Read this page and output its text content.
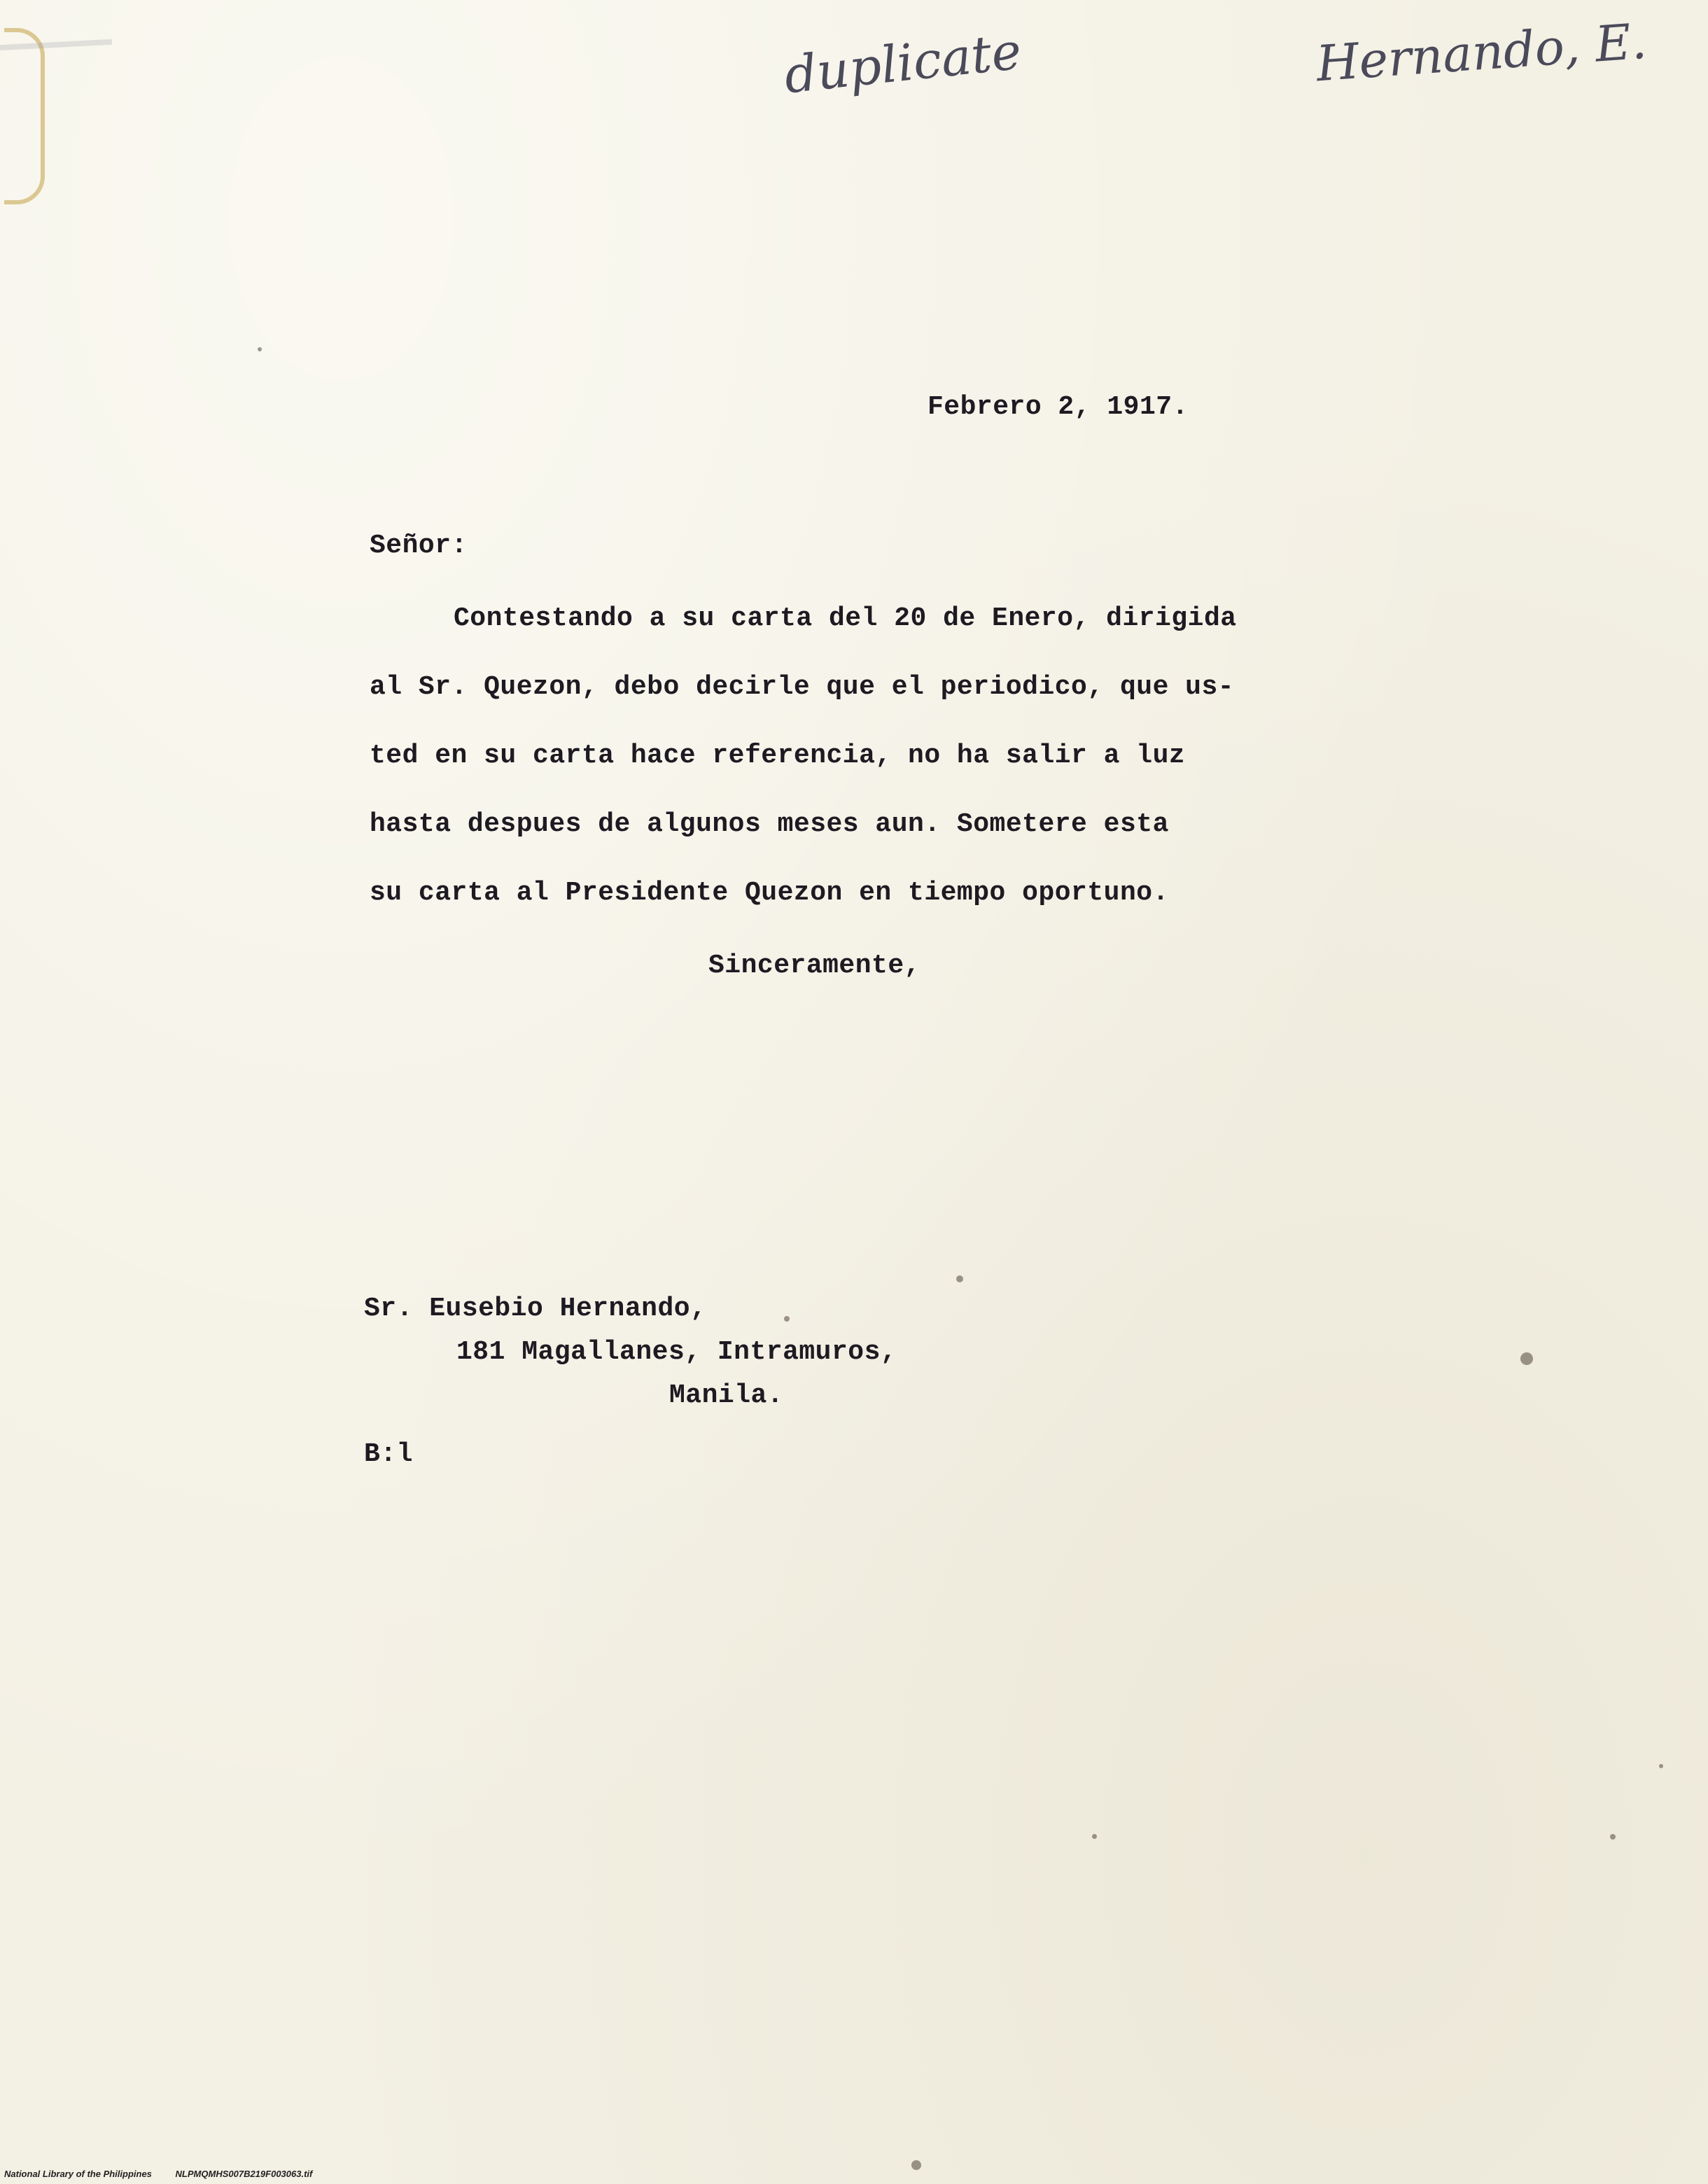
duplicate	Hernando, E.
Febrero 2, 1917.
Señor:
Contestando a su carta del 20 de Enero, dirigida
al Sr. Quezon, debo decirle que el periodico, que us-
ted en su carta hace referencia, no ha salir a luz
hasta despues de algunos meses aun. Sometere esta
su carta al Presidente Quezon en tiempo oportuno.
Sinceramente,
Sr. Eusebio Hernando,
181 Magallanes, Intramuros,
Manila.
B:l
National Library of the Philippines	NLPMQMHS007B219F003063.tif
